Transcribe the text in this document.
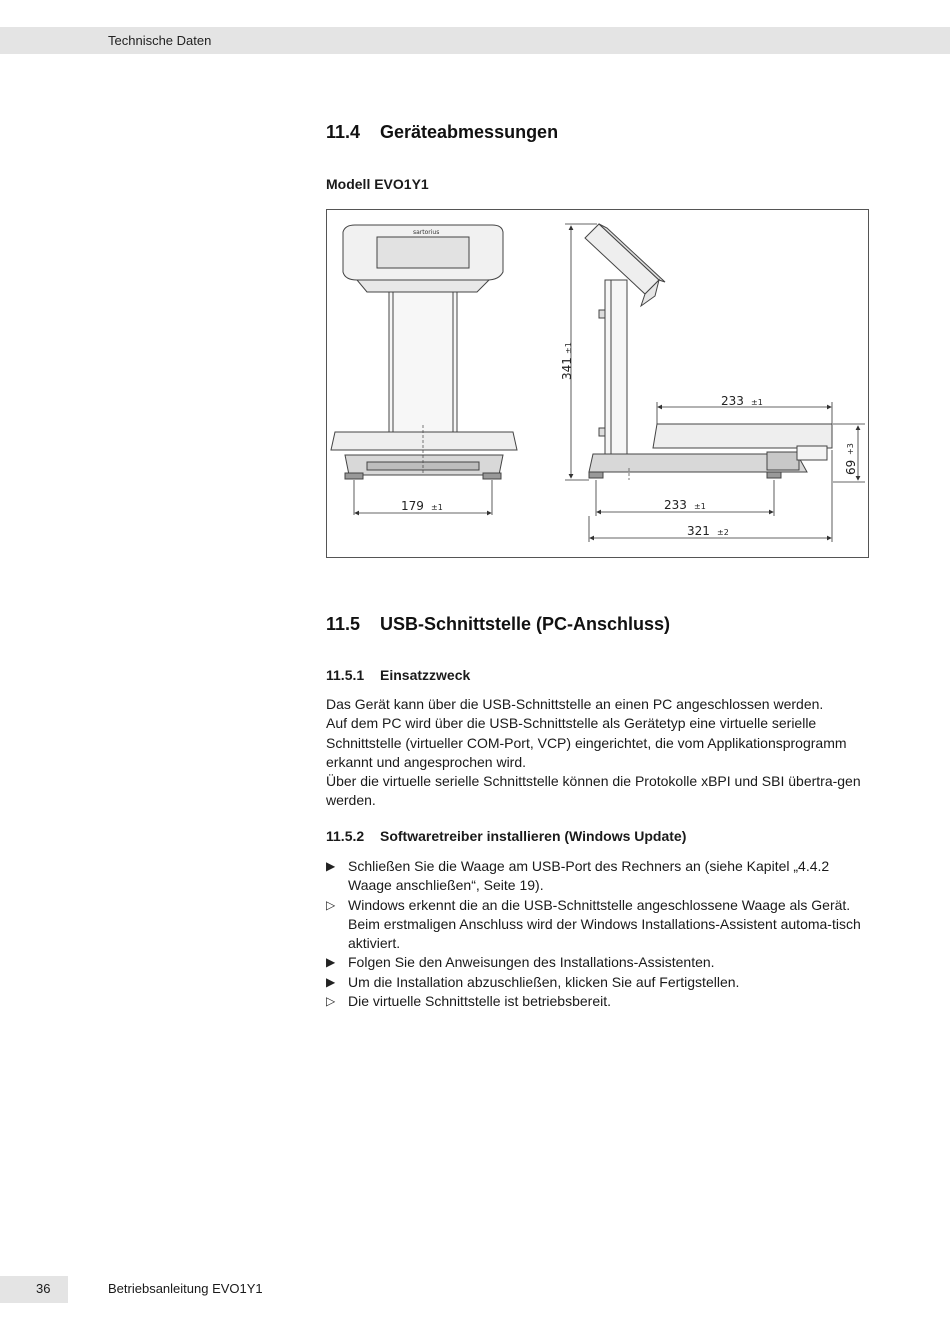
Technische Daten
11.4 Geräteabmessungen
Modell EVO1Y1
sartorius
179 ±1
341
±1
233 ±1
69
+3
233 ±1
321 ±2
11.5 USB-Schnittstelle (PC-Anschluss)
11.5.1 Einsatzzweck

Das Gerät kann über die USB-Schnittstelle an einen PC angeschlossen werden.

Auf dem PC wird über die USB-Schnittstelle als Gerätetyp eine virtuelle serielle Schnittstelle (virtueller COM-Port, VCP) eingerichtet, die vom Applikationsprogramm erkannt und angesprochen wird.

Über die virtuelle serielle Schnittstelle können die Protokolle xBPI und SBI übertra-gen werden.

11.5.2 Softwaretreiber installieren (Windows Update)
▶ Schließen Sie die Waage am USB-Port des Rechners an (siehe Kapitel „4.4.2 Waage anschließen“, Seite 19).
▷ Windows erkennt die an die USB-Schnittstelle angeschlossene Waage als Gerät. Beim erstmaligen Anschluss wird der Windows Installations-Assistent automa-tisch aktiviert.
▶ Folgen Sie den Anweisungen des Installations-Assistenten.
▶ Um die Installation abzuschließen, klicken Sie auf Fertigstellen.
▷ Die virtuelle Schnittstelle ist betriebsbereit.
36	Betriebsanleitung EVO1Y1
